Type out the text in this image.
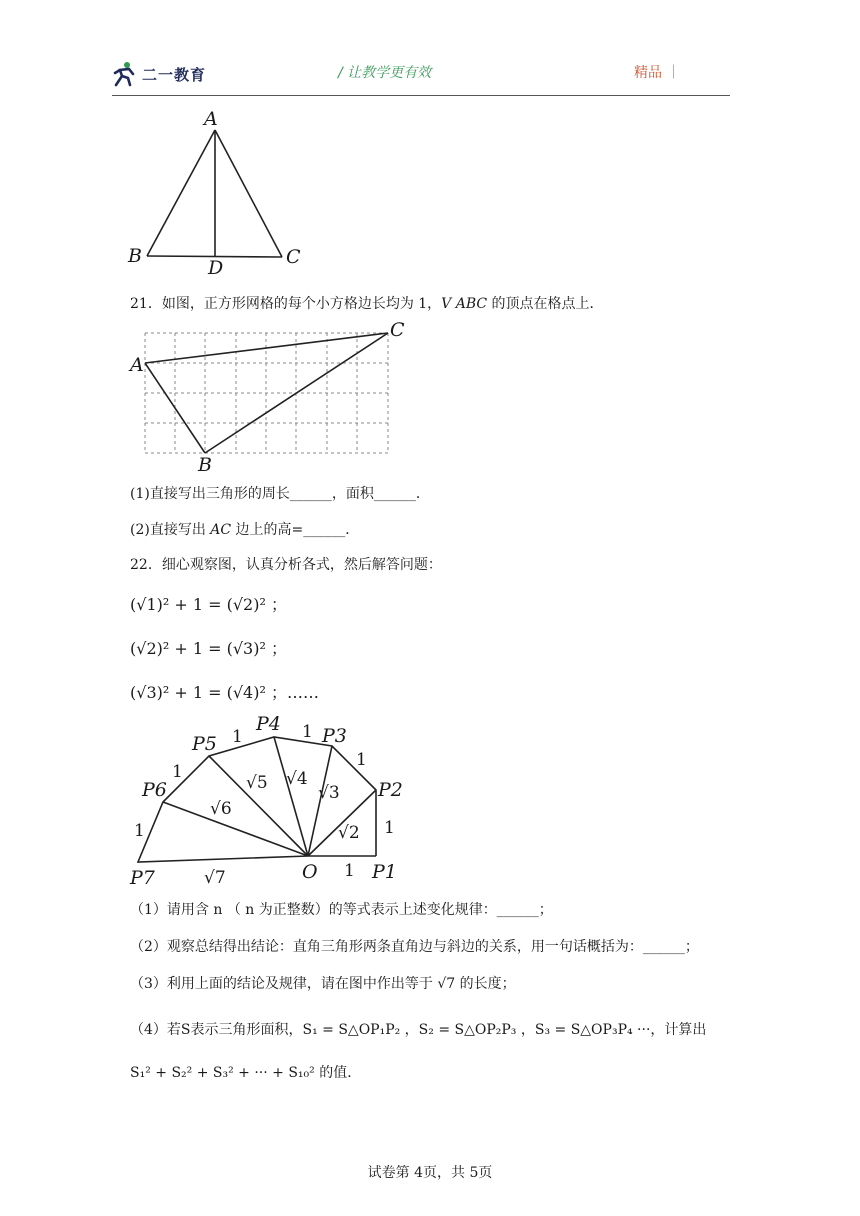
二一教育	/ 让教学更有效	精品 ｜
A
B
D	C
21．如图，正方形网格的每个小方格边长均为 1，V ABC 的顶点在格点上．
A
B
C
(1)直接写出三角形的周长______，面积______．
(2)直接写出 AC 边上的高=______．
22．细心观察图，认真分析各式，然后解答问题：
(√1)² + 1 = (√2)² ；
(√2)² + 1 = (√3)² ；
(√3)² + 1 = (√4)² ；……
P1
P2
P3
P4
P5
P6
P7	O 1
1
1
1
1
1
1	√2
√3
√4
√5
√6
√7
（1）请用含 n （ n 为正整数）的等式表示上述变化规律：______；
（2）观察总结得出结论：直角三角形两条直角边与斜边的关系，用一句话概括为：______；
（3）利用上面的结论及规律，请在图中作出等于 √7 的长度；
（4）若S表示三角形面积，S₁ = S△OP₁P₂ ，S₂ = S△OP₂P₃ ，S₃ = S△OP₃P₄ ···，计算出
S₁² + S₂² + S₃² + ··· + S₁₀² 的值．
试卷第 4页，共 5页
